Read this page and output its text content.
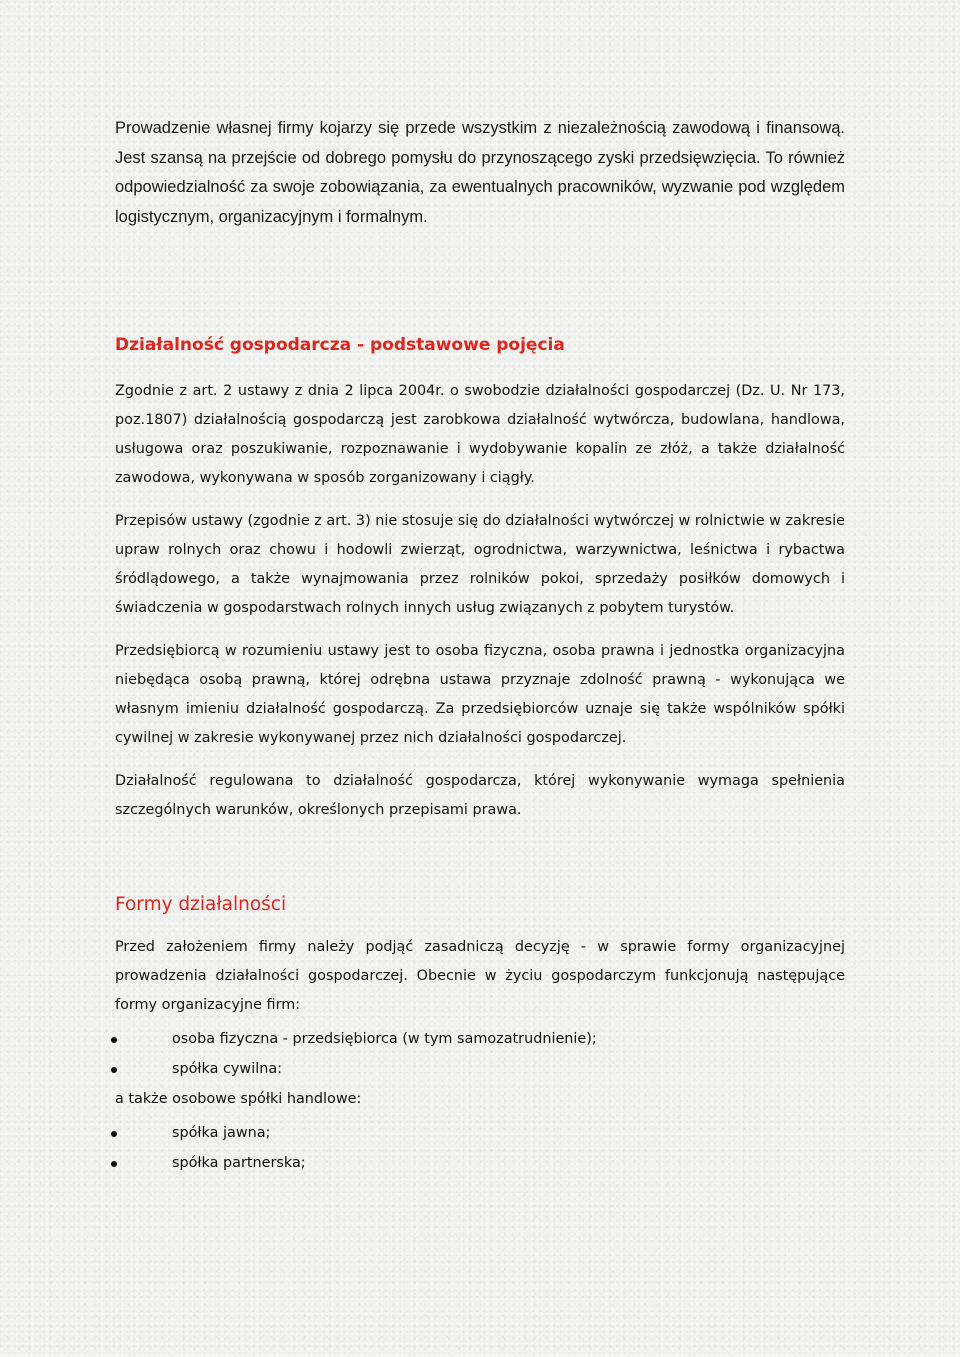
Prowadzenie własnej firmy kojarzy się przede wszystkim z niezależnością zawodową i finansową. Jest szansą na przejście od dobrego pomysłu do przynoszącego zyski przedsięwzięcia. To również odpowiedzialność za swoje zobowiązania, za ewentualnych pracowników, wyzwanie pod względem logistycznym, organizacyjnym i formalnym.

Działalność gospodarcza - podstawowe pojęcia

Zgodnie z art. 2 ustawy z dnia 2 lipca 2004r. o swobodzie działalności gospodarczej (Dz. U. Nr 173, poz.1807) działalnością gospodarczą jest zarobkowa działalność wytwórcza, budowlana, handlowa, usługowa oraz poszukiwanie, rozpoznawanie i wydobywanie kopalin ze złóż, a także działalność zawodowa, wykonywana w sposób zorganizowany i ciągły.

Przepisów ustawy (zgodnie z art. 3) nie stosuje się do działalności wytwórczej w rolnictwie w zakresie upraw rolnych oraz chowu i hodowli zwierząt, ogrodnictwa, warzywnictwa, leśnictwa i rybactwa śródlądowego, a także wynajmowania przez rolników pokoi, sprzedaży posiłków domowych i świadczenia w gospodarstwach rolnych innych usług związanych z pobytem turystów.

Przedsiębiorcą w rozumieniu ustawy jest to osoba fizyczna, osoba prawna i jednostka organizacyjna niebędąca osobą prawną, której odrębna ustawa przyznaje zdolność prawną - wykonująca we własnym imieniu działalność gospodarczą. Za przedsiębiorców uznaje się także wspólników spółki cywilnej w zakresie wykonywanej przez nich działalności gospodarczej.

Działalność regulowana to działalność gospodarcza, której wykonywanie wymaga spełnienia szczególnych warunków, określonych przepisami prawa.

Formy działalności

Przed założeniem firmy należy podjąć zasadniczą decyzję - w sprawie formy organizacyjnej prowadzenia działalności gospodarczej. Obecnie w życiu gospodarczym funkcjonują następujące formy organizacyjne firm:

osoba fizyczna - przedsiębiorca (w tym samozatrudnienie);
spółka cywilna:

a także osobowe spółki handlowe:

spółka jawna;
spółka partnerska;
